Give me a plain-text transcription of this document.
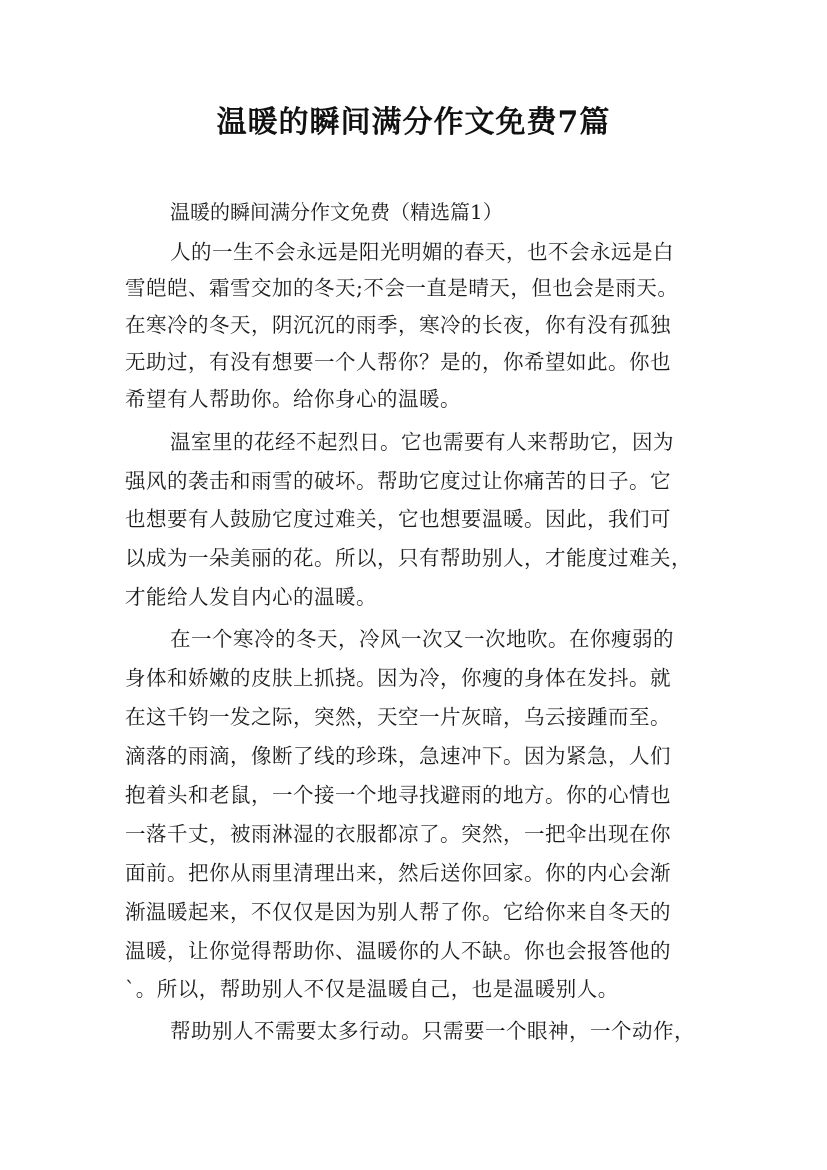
温暖的瞬间满分作文免费7篇
温暖的瞬间满分作文免费（精选篇1）
人的一生不会永远是阳光明媚的春天，也不会永远是白
雪皑皑、霜雪交加的冬天;不会一直是晴天，但也会是雨天。
在寒冷的冬天，阴沉沉的雨季，寒冷的长夜，你有没有孤独
无助过，有没有想要一个人帮你？是的，你希望如此。你也
希望有人帮助你。给你身心的温暖。
温室里的花经不起烈日。它也需要有人来帮助它，因为
强风的袭击和雨雪的破坏。帮助它度过让你痛苦的日子。它
也想要有人鼓励它度过难关，它也想要温暖。因此，我们可
以成为一朵美丽的花。所以，只有帮助别人，才能度过难关，
才能给人发自内心的温暖。
在一个寒冷的冬天，冷风一次又一次地吹。在你瘦弱的
身体和娇嫩的皮肤上抓挠。因为冷，你瘦的身体在发抖。就
在这千钧一发之际，突然，天空一片灰暗，乌云接踵而至。
滴落的雨滴，像断了线的珍珠，急速冲下。因为紧急，人们
抱着头和老鼠，一个接一个地寻找避雨的地方。你的心情也
一落千丈，被雨淋湿的衣服都凉了。突然，一把伞出现在你
面前。把你从雨里清理出来，然后送你回家。你的内心会渐
渐温暖起来，不仅仅是因为别人帮了你。它给你来自冬天的
温暖，让你觉得帮助你、温暖你的人不缺。你也会报答他的
`。所以，帮助别人不仅是温暖自己，也是温暖别人。
帮助别人不需要太多行动。只需要一个眼神，一个动作，
